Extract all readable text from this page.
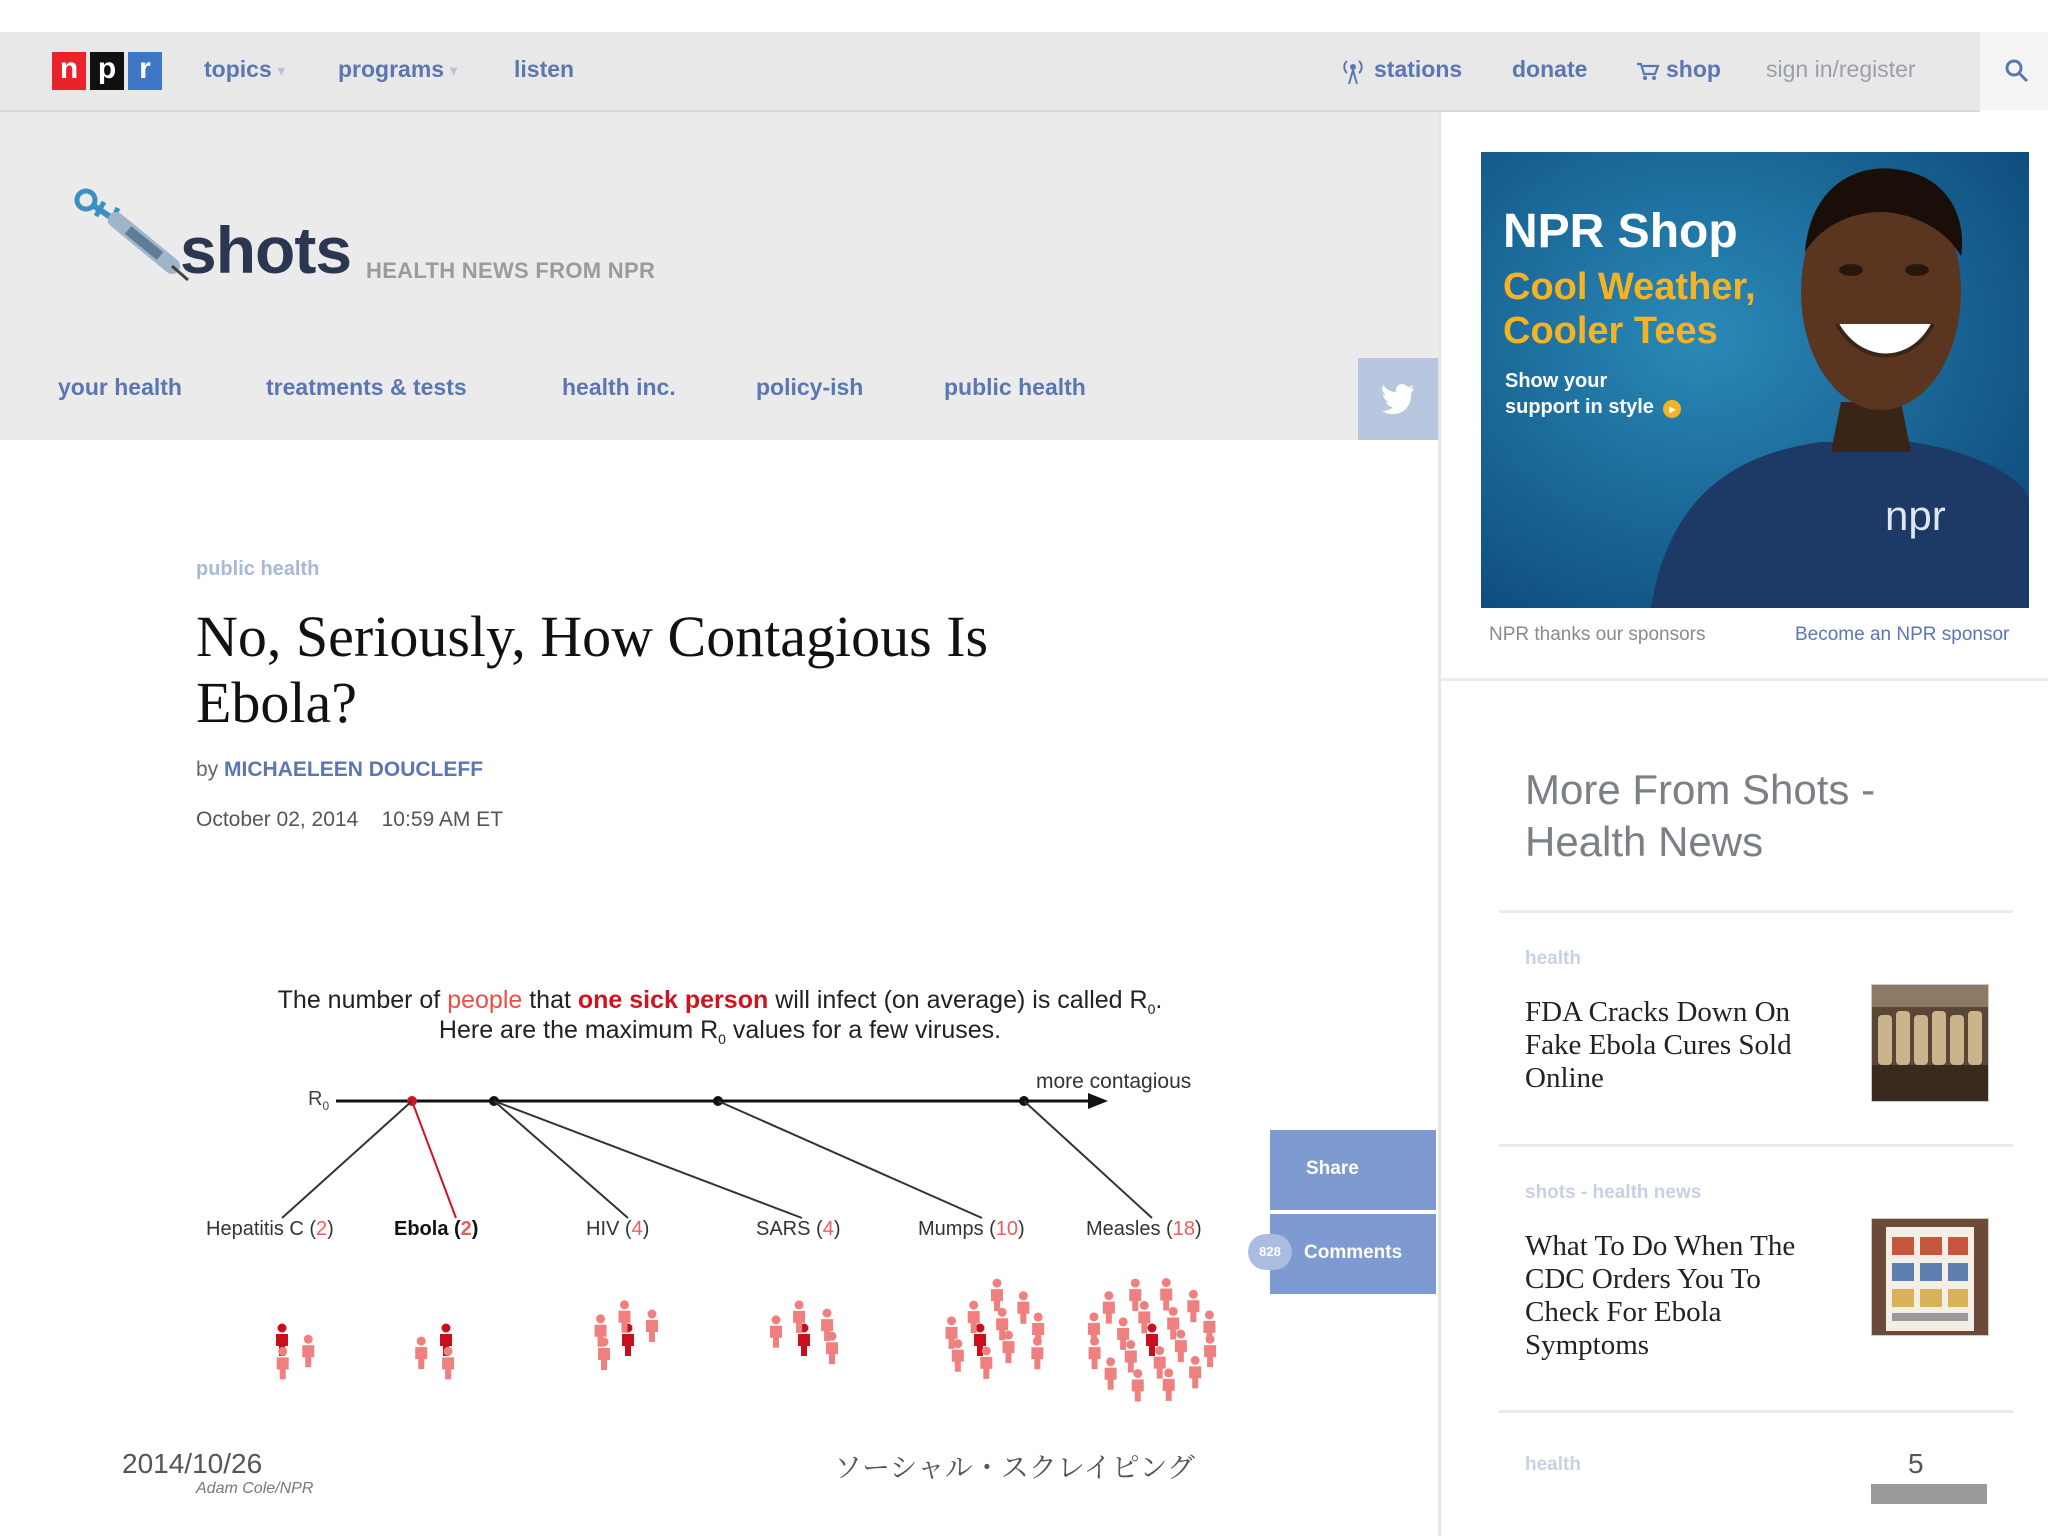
n p r	topics ▾ programs ▾ listen	stations donate	shop sign in/register
shots HEALTH NEWS FROM NPR
your health	treatments & tests	health inc.	policy-ish	public health
public health
No, Seriously, How Contagious Is Ebola?
by MICHAELEEN DOUCLEFF
October 02, 2014 10:59 AM ET
The number of people that one sick person will infect (on average) is called $R_0$.
Here are the maximum $R_0$ values for a few viruses.
$R_0$
more contagious
Hepatitis C (2)	Ebola (2)	HIV (4)	SARS (4)	Mumps (10)	Measles (18)
Adam Cole/NPR
Share
Comments
828
NPR Shop
Cool Weather,
Cooler Tees
Show your
support in style ▸
npr
NPR thanks our sponsors	Become an NPR sponsor
More From Shots - Health News
health
FDA Cracks Down On Fake Ebola Cures Sold Online
shots - health news
What To Do When The CDC Orders You To Check For Ebola Symptoms
health
2014/10/26	ソーシャル・スクレイピング	5
